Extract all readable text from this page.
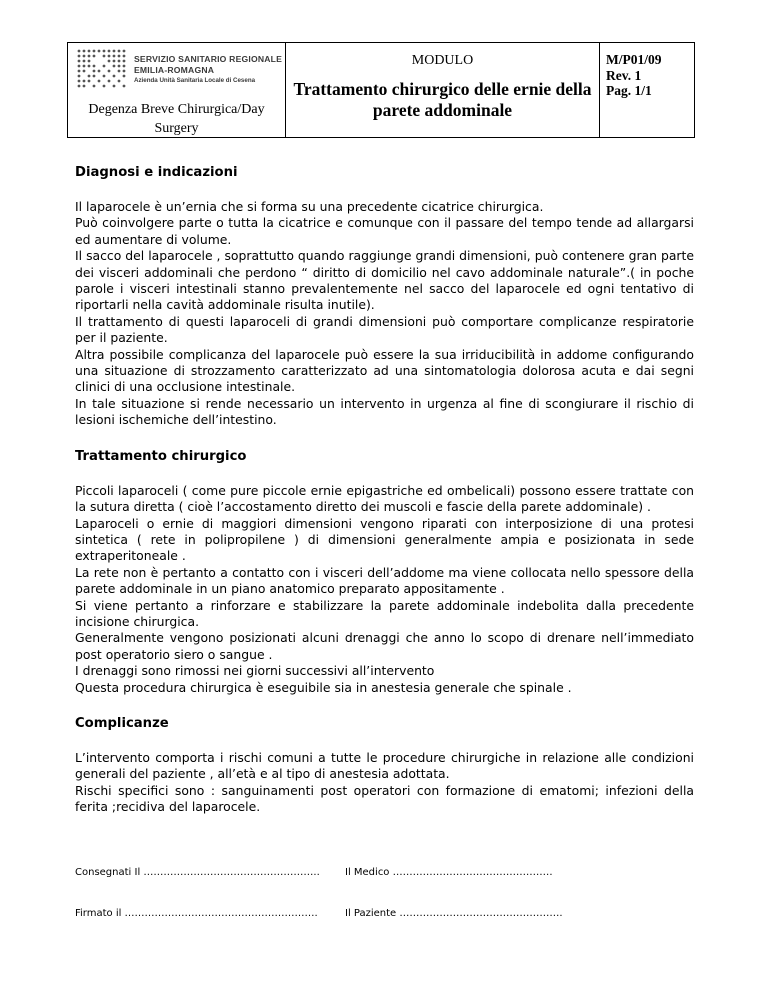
SERVIZIO SANITARIO REGIONALE
EMILIA-ROMAGNA
Azienda Unità Sanitaria Locale di Cesena
Degenza Breve Chirurgica/Day Surgery
MODULO
Trattamento chirurgico delle ernie della parete addominale
M/P01/09
Rev. 1
Pag. 1/1
Diagnosi e indicazioni

Il laparocele è un’ernia che si forma su una precedente cicatrice chirurgica.

Può coinvolgere parte o tutta la cicatrice e comunque con il passare del tempo tende ad allargarsi ed aumentare di volume.

Il sacco del laparocele , soprattutto quando raggiunge grandi dimensioni, può contenere gran parte dei visceri addominali che perdono “ diritto di domicilio nel cavo addominale naturale”.( in poche parole i visceri intestinali stanno prevalentemente nel sacco del laparocele ed ogni tentativo di riportarli nella cavità addominale risulta inutile).

Il trattamento di questi laparoceli di grandi dimensioni può comportare complicanze respiratorie per il paziente.

Altra possibile complicanza del laparocele può essere la sua irriducibilità in addome configurando una situazione di strozzamento caratterizzato ad una sintomatologia dolorosa acuta e dai segni clinici di una occlusione intestinale.

In tale situazione si rende necessario un intervento in urgenza al fine di scongiurare il rischio di lesioni ischemiche dell’intestino.

Trattamento chirurgico

Piccoli laparoceli ( come pure piccole ernie epigastriche ed ombelicali) possono essere trattate con la sutura diretta ( cioè l’accostamento diretto dei muscoli e fascie della parete addominale) .

Laparoceli o ernie di maggiori dimensioni vengono riparati con interposizione di una protesi sintetica ( rete in polipropilene ) di dimensioni generalmente ampia e posizionata in sede extraperitoneale .

La rete non è pertanto a contatto con i visceri dell’addome ma viene collocata nello spessore della parete addominale in un piano anatomico preparato appositamente .

Si viene pertanto a rinforzare e stabilizzare la parete addominale indebolita dalla precedente incisione chirurgica.

Generalmente vengono posizionati alcuni drenaggi che anno lo scopo di drenare nell’immediato post operatorio siero o sangue .

I drenaggi sono rimossi nei giorni successivi all’intervento

Questa procedura chirurgica è eseguibile sia in anestesia generale che spinale .

Complicanze

L’intervento comporta i rischi comuni a tutte le procedure chirurgiche in relazione alle condizioni generali del paziente , all’età e al tipo di anestesia adottata.

Rischi specifici sono : sanguinamenti post operatori con formazione di ematomi; infezioni della ferita ;recidiva del laparocele.

Consegnati Il ……………………………………………..	Il Medico …………………………………………
Firmato il ………………………………………………….	Il Paziente ………………………………………….
